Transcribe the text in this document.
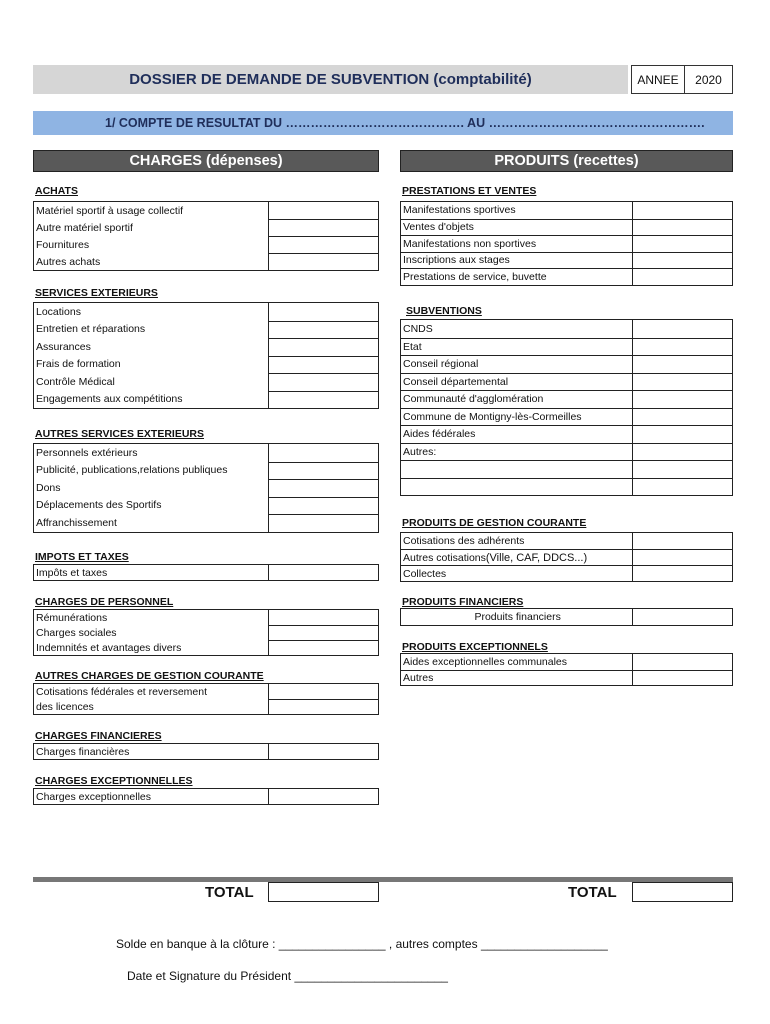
DOSSIER DE DEMANDE DE SUBVENTION (comptabilité)	ANNEE	2020
1/ COMPTE DE RESULTAT DU ……………………………………. AU …………………………………………….
CHARGES (dépenses)	PRODUITS (recettes)
ACHATS
Matériel sportif à usage collectif
Autre matériel sportif
Fournitures
Autres achats
SERVICES EXTERIEURS
Locations
Entretien et réparations
Assurances
Frais de formation
Contrôle Médical
Engagements aux compétitions
AUTRES SERVICES EXTERIEURS
Personnels extérieurs
Publicité, publications,relations publiques
Dons
Déplacements des Sportifs
Affranchissement
IMPOTS ET TAXES
Impôts et taxes
CHARGES DE PERSONNEL
Rémunérations
Charges sociales
Indemnités et avantages divers
AUTRES CHARGES DE GESTION COURANTE
Cotisations fédérales et reversement
des licences
CHARGES FINANCIERES
Charges financières
CHARGES EXCEPTIONNELLES
Charges exceptionnelles
PRESTATIONS ET VENTES
Manifestations sportives
Ventes d'objets
Manifestations non sportives
Inscriptions aux stages
Prestations de service, buvette
SUBVENTIONS
CNDS
Etat
Conseil régional
Conseil départemental
Communauté d'agglomération
Commune de Montigny-lès-Cormeilles
Aides fédérales
Autres:
PRODUITS DE GESTION COURANTE
Cotisations des adhérents
Autres cotisations (Ville, CAF, DDCS...)
Collectes
PRODUITS FINANCIERS
Produits financiers
PRODUITS EXCEPTIONNELS
Aides exceptionnelles communales
Autres
TOTAL	TOTAL
Solde en banque à la clôture : ________________ , autres comptes ___________________
Date et Signature du Président _______________________
